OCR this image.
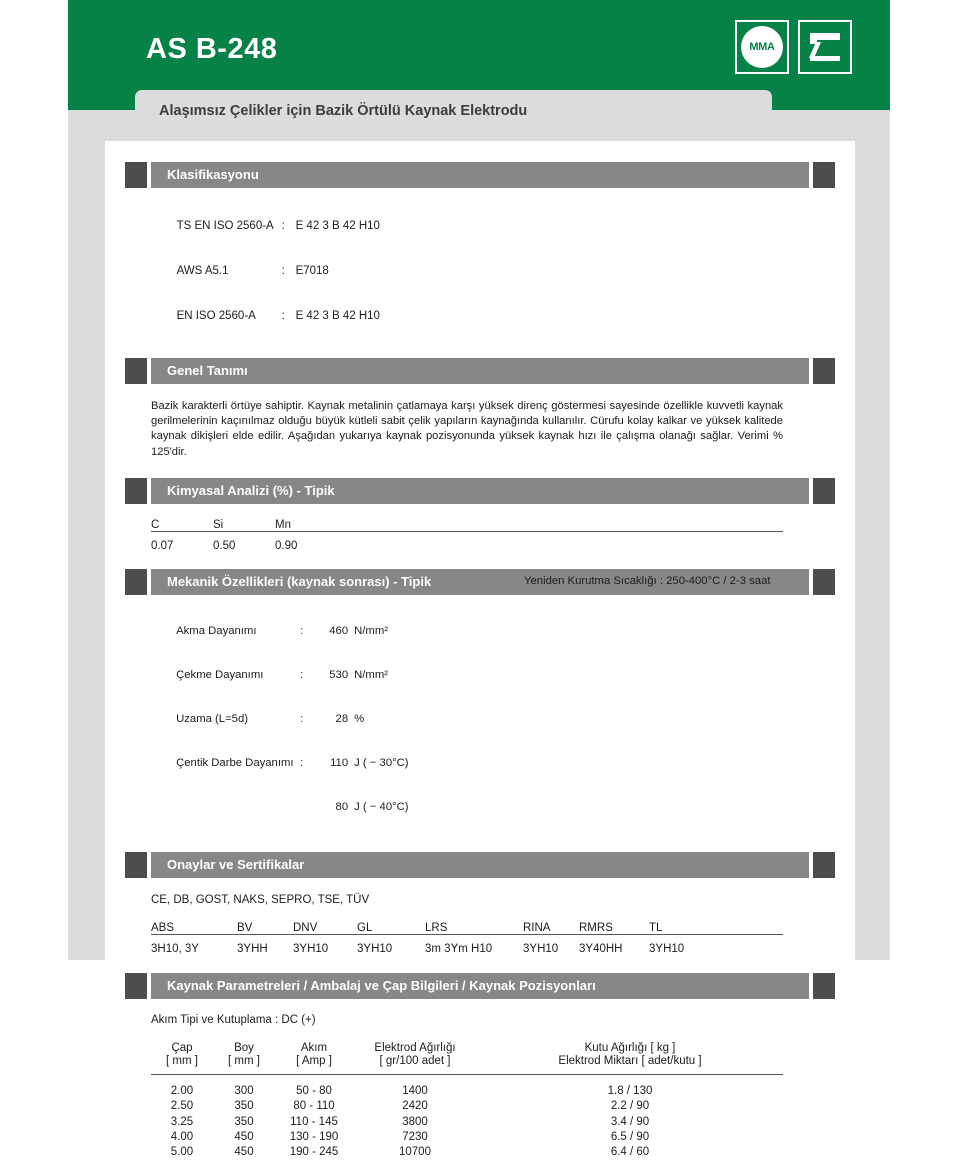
AS B-248	MMA
Alaşımsız Çelikler için Bazik Örtülü Kaynak Elektrodu
Klasifikasyonu

TS EN ISO 2560-A : E 42 3 B 42 H10

AWS A5.1	: E7018

EN ISO 2560-A : E 42 3 B 42 H10

Genel Tanımı
Bazik karakterli örtüye sahiptir. Kaynak metalinin çatlamaya karşı yüksek direnç göstermesi sayesinde özellikle kuvvetli kaynak gerilmelerinin kaçınılmaz olduğu büyük kütleli sabit çelik yapıların kaynağında kullanılır. Cürufu kolay kalkar ve yüksek kalitede kaynak dikişleri elde edilir. Aşağıdan yukarıya kaynak pozisyonunda yüksek kaynak hızı ile çalışma olanağı sağlar. Verimi % 125'dir.
Kimyasal Analizi (%) - Tipik
C	Si	Mn
0.07	0.50	0.90
Mekanik Özellikleri (kaynak sonrası) - Tipik

Akma Dayanımı	: 460 N/mm²

Çekme Dayanımı	: 530 N/mm²

Uzama (L=5d)	:	28 %

Çentik Darbe Dayanımı : 110 J ( − 30°C)

80 J ( − 40°C)

Onaylar ve Sertifikalar
CE, DB, GOST, NAKS, SEPRO, TSE, TÜV
ABS	BV	DNV	GL	LRS	RINA	RMRS	TL
3H10, 3Y	3YHH	3YH10	3YH10	3m 3Ym H10	3YH10	3Y40HH	3YH10
Kaynak Parametreleri / Ambalaj ve Çap Bilgileri / Kaynak Pozisyonları
Akım Tipi ve Kutuplama : DC (+)
Çap	Boy	Akım	Elektrod Ağırlığı	Kutu Ağırlığı [ kg ]
[ mm ]	[ mm ]	[ Amp ]	[ gr/100 adet ]	Elektrod Miktarı [ adet/kutu ]
2.00	300	50 - 80	1400	1.8 / 130
2.50	350	80 - 110	2420	2.2 / 90
3.25	350	110 - 145	3800	3.4 / 90
4.00	450	130 - 190	7230	6.5 / 90
5.00	450	190 - 245	10700	6.4 / 60
Yeniden Kurutma Sıcaklığı : 250-400°C / 2-3 saat
